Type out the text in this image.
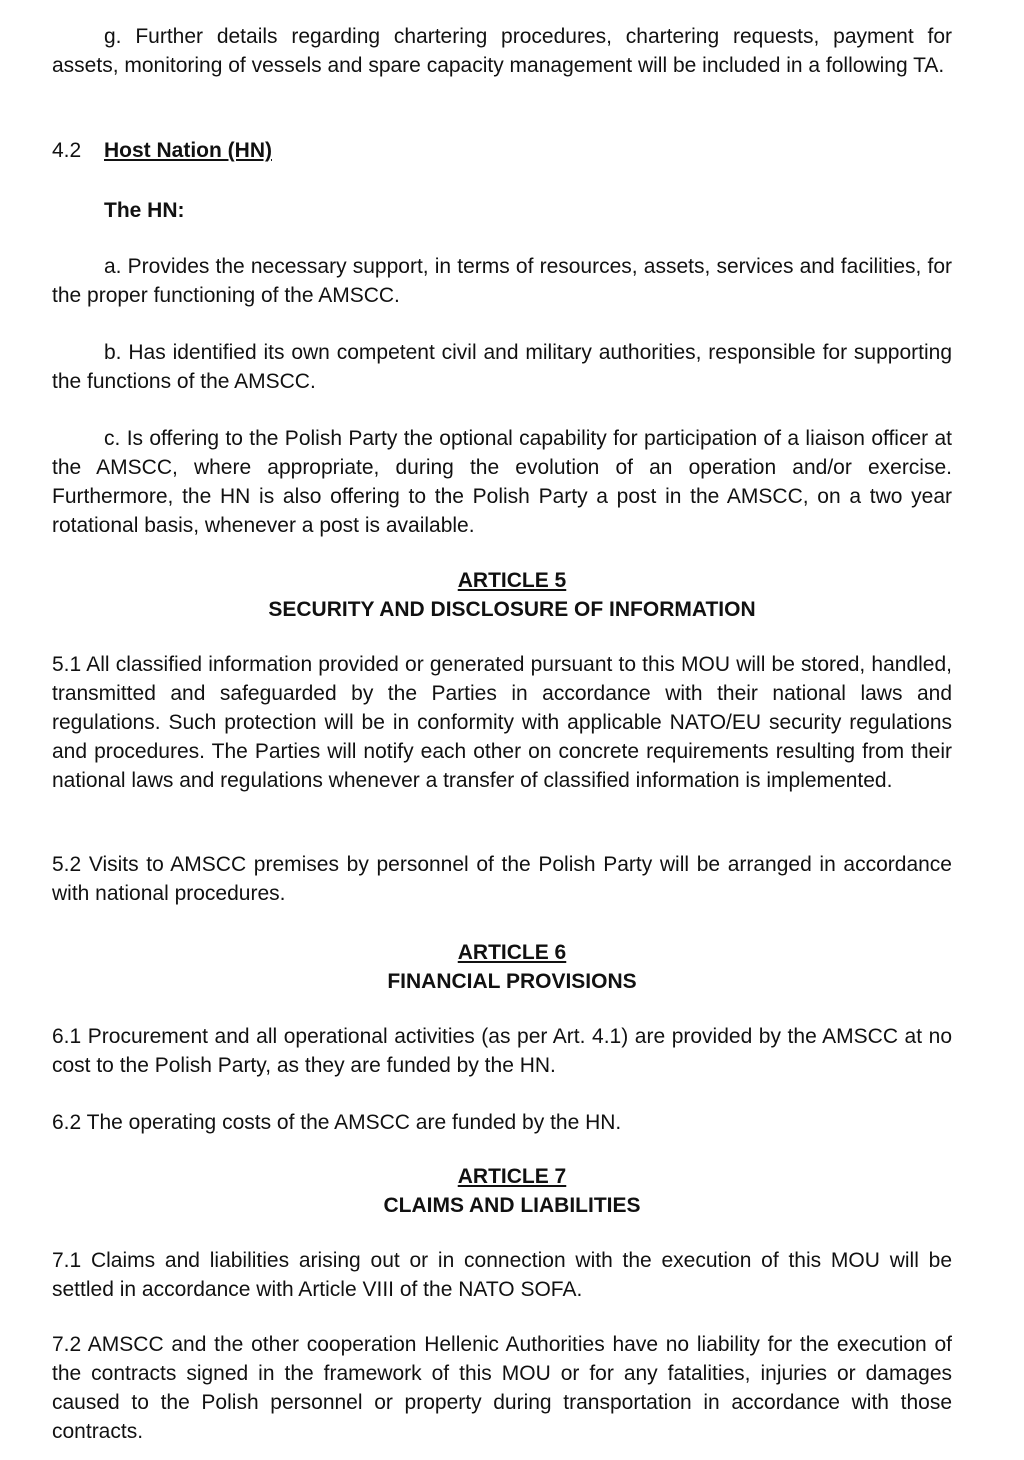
g. Further details regarding chartering procedures, chartering requests, payment for assets, monitoring of vessels and spare capacity management will be included in a following TA.

4.2 Host Nation (HN)
The HN:

a. Provides the necessary support, in terms of resources, assets, services and facilities, for the proper functioning of the AMSCC.

b. Has identified its own competent civil and military authorities, responsible for supporting the functions of the AMSCC.

c. Is offering to the Polish Party the optional capability for participation of a liaison officer at the AMSCC, where appropriate, during the evolution of an operation and/or exercise. Furthermore, the HN is also offering to the Polish Party a post in the AMSCC, on a two year rotational basis, whenever a post is available.

ARTICLE 5
SECURITY AND DISCLOSURE OF INFORMATION

5.1 All classified information provided or generated pursuant to this MOU will be stored, handled, transmitted and safeguarded by the Parties in accordance with their national laws and regulations. Such protection will be in conformity with applicable NATO/EU security regulations and procedures. The Parties will notify each other on concrete requirements resulting from their national laws and regulations whenever a transfer of classified information is implemented.

5.2 Visits to AMSCC premises by personnel of the Polish Party will be arranged in accordance with national procedures.

ARTICLE 6
FINANCIAL PROVISIONS

6.1 Procurement and all operational activities (as per Art. 4.1) are provided by the AMSCC at no cost to the Polish Party, as they are funded by the HN.

6.2 The operating costs of the AMSCC are funded by the HN.

ARTICLE 7
CLAIMS AND LIABILITIES

7.1 Claims and liabilities arising out or in connection with the execution of this MOU will be settled in accordance with Article VIII of the NATO SOFA.

7.2 AMSCC and the other cooperation Hellenic Authorities have no liability for the execution of the contracts signed in the framework of this MOU or for any fatalities, injuries or damages caused to the Polish personnel or property during transportation in accordance with those contracts.
